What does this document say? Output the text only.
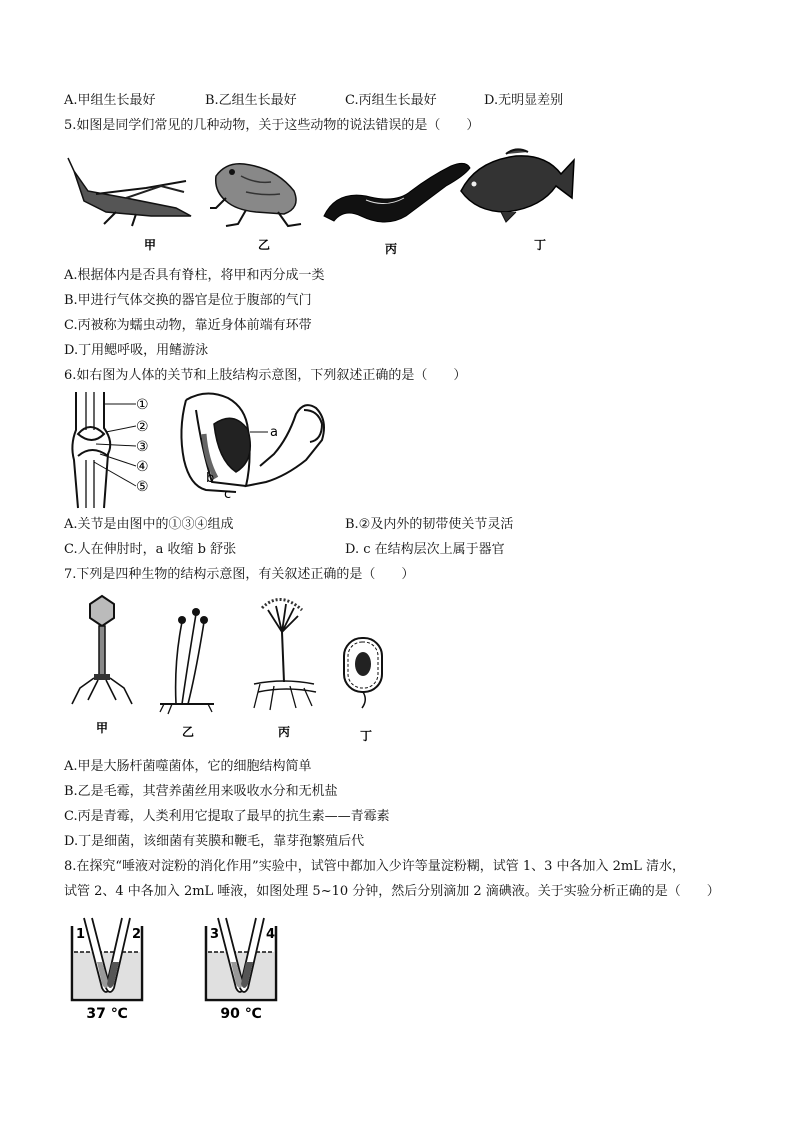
A.甲组生长最好	B.乙组生长最好	C.丙组生长最好	D.无明显差别
5.如图是同学们常见的几种动物，关于这些动物的说法错误的是（　　）
甲	乙	丙	丁
A.根据体内是否具有脊柱，将甲和丙分成一类
B.甲进行气体交换的器官是位于腹部的气门
C.丙被称为蠕虫动物，靠近身体前端有环带
D.丁用鳃呼吸，用鳍游泳
6.如右图为人体的关节和上肢结构示意图，下列叙述正确的是（　　）
①
②
③
④
⑤
a
b
c
A.关节是由图中的①③④组成	B.②及内外的韧带使关节灵活
C.人在伸肘时，a 收缩 b 舒张	D. c 在结构层次上属于器官
7.下列是四种生物的结构示意图，有关叙述正确的是（　　）
甲	乙	丙	丁
A.甲是大肠杆菌噬菌体，它的细胞结构简单
B.乙是毛霉，其营养菌丝用来吸收水分和无机盐
C.丙是青霉，人类利用它提取了最早的抗生素——青霉素
D.丁是细菌，该细菌有荚膜和鞭毛，靠芽孢繁殖后代
8.在探究“唾液对淀粉的消化作用”实验中，试管中都加入少许等量淀粉糊，试管 1、3 中各加入 2mL 清水，
试管 2、4 中各加入 2mL 唾液，如图处理 5~10 分钟，然后分别滴加 2 滴碘液。关于实验分析正确的是（　　）
1	2
37 ℃
3	4
90 ℃
